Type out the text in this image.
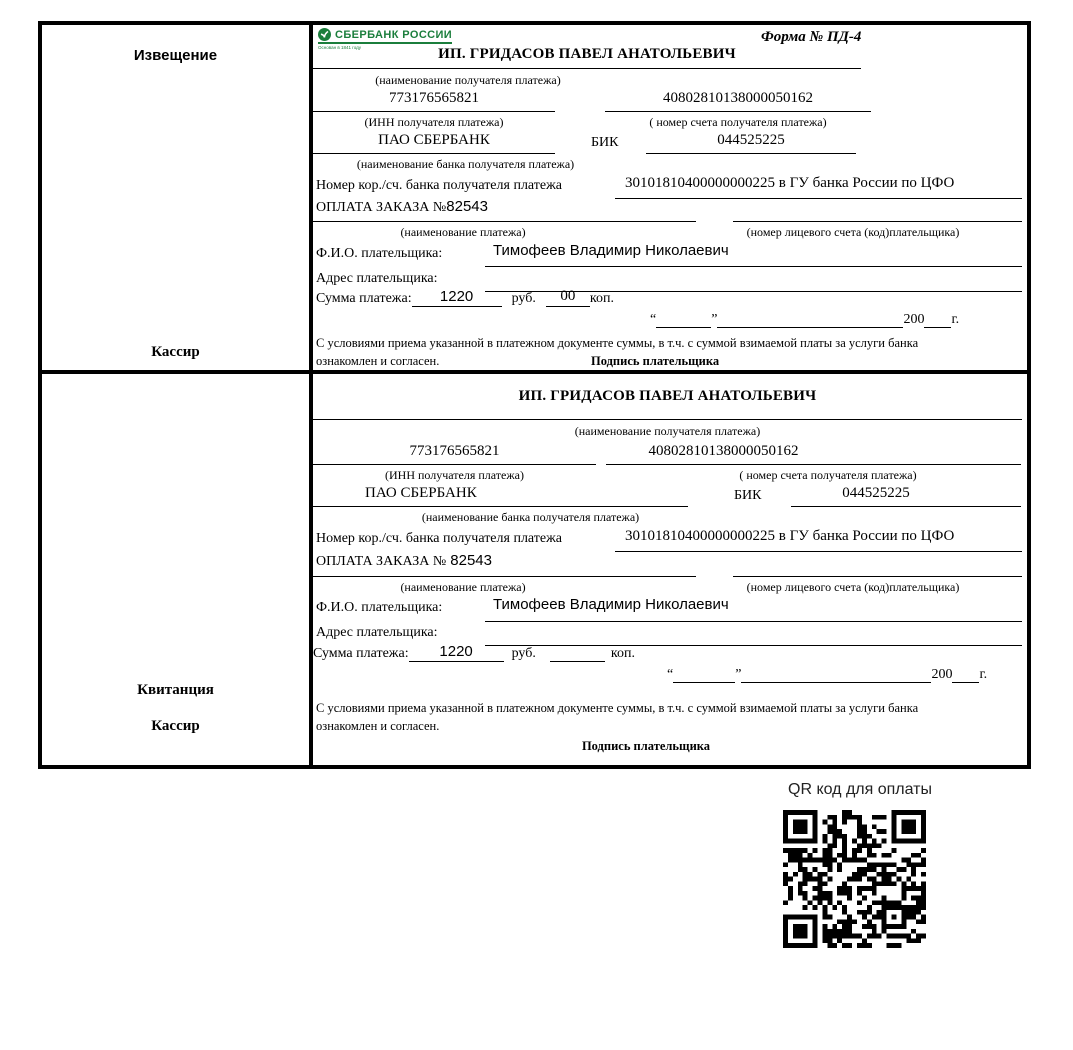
Извещение
Кассир
СБЕРБАНК РОССИИ
Основан в 1841 году
Форма № ПД-4
ИП. ГРИДАСОВ ПАВЕЛ АНАТОЛЬЕВИЧ
(наименование получателя платежа)
773176565821	40802810138000050162
(ИНН получателя платежа)	( номер счета получателя платежа)
ПАО СБЕРБАНК	БИК	044525225
(наименование банка получателя платежа)
Номер кор./сч. банка получателя платежа	30101810400000000225 в ГУ банка России по ЦФО
ОПЛАТА ЗАКАЗА №82543
(наименование платежа)	(номер лицевого счета (код)плательщика)
Ф.И.О. плательщика:	Тимофеев Владимир Николаевич
Адрес плательщика:
Сумма платежа:	1220	руб.	00	коп.
“	”	200 г.
С условиями приема указанной в платежном документе суммы, в т.ч. с суммой взимаемой платы за услуги банка
ознакомлен и согласен.	Подпись плательщика
Квитанция
Кассир
ИП. ГРИДАСОВ ПАВЕЛ АНАТОЛЬЕВИЧ
(наименование получателя платежа)
773176565821	40802810138000050162
(ИНН получателя платежа)	( номер счета получателя платежа)
ПАО СБЕРБАНК	БИК	044525225
(наименование банка получателя платежа)
Номер кор./сч. банка получателя платежа	30101810400000000225 в ГУ банка России по ЦФО
ОПЛАТА ЗАКАЗА № 82543
(наименование платежа)	(номер лицевого счета (код)плательщика)
Ф.И.О. плательщика:	Тимофеев Владимир Николаевич
Адрес плательщика:
Сумма платежа:	1220	руб.	коп.
“	”	200 г.
С условиями приема указанной в платежном документе суммы, в т.ч. с суммой взимаемой платы за услуги банка
ознакомлен и согласен.
Подпись плательщика
QR код для оплаты
